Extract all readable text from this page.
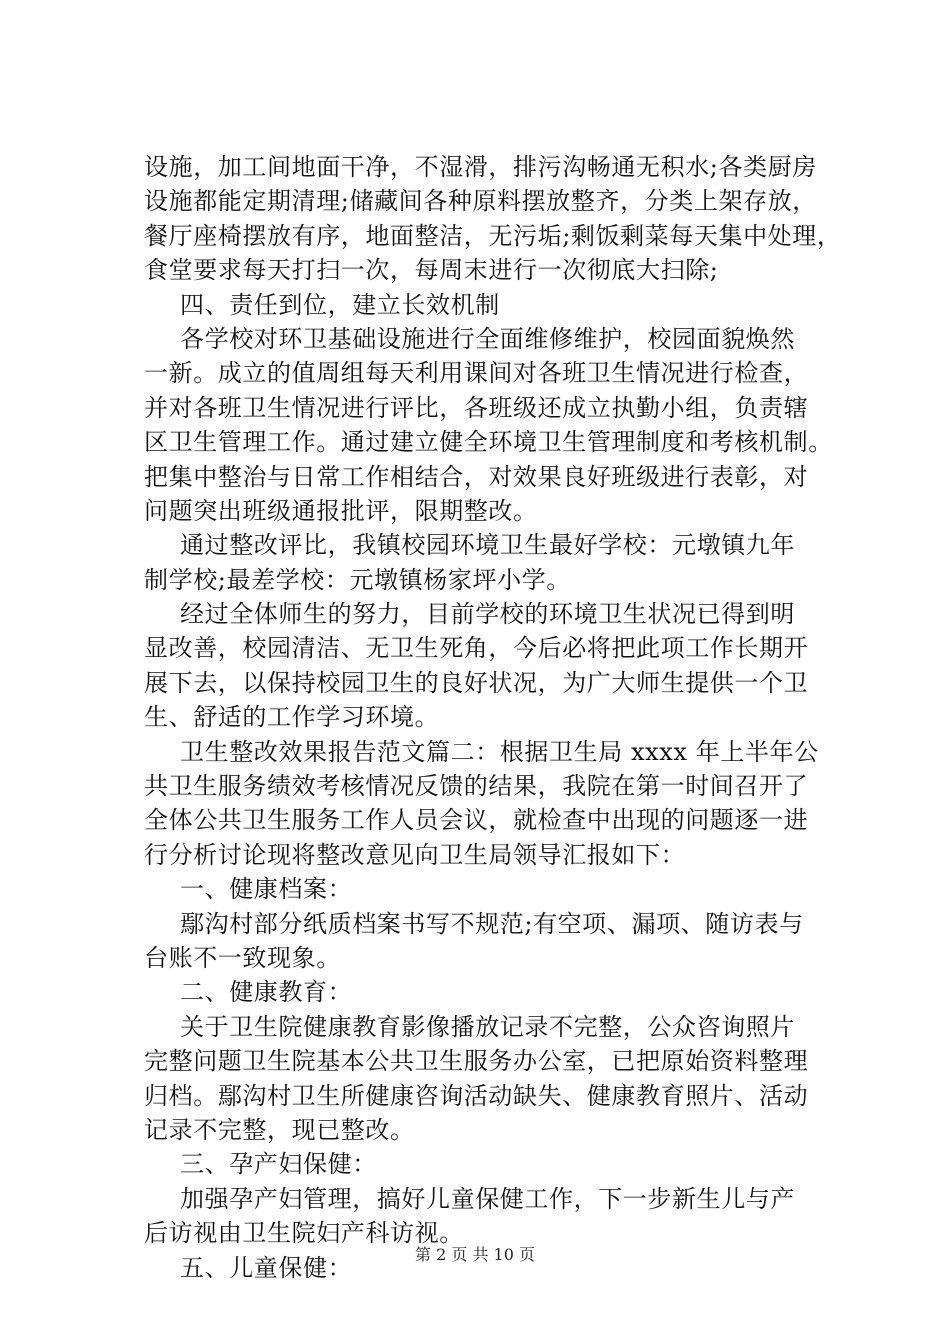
设施，加工间地面干净，不湿滑，排污沟畅通无积水;各类厨房
设施都能定期清理;储藏间各种原料摆放整齐，分类上架存放，
餐厅座椅摆放有序，地面整洁，无污垢;剩饭剩菜每天集中处理，
食堂要求每天打扫一次，每周末进行一次彻底大扫除;
四、责任到位，建立长效机制
各学校对环卫基础设施进行全面维修维护，校园面貌焕然
一新。成立的值周组每天利用课间对各班卫生情况进行检查，
并对各班卫生情况进行评比，各班级还成立执勤小组，负责辖
区卫生管理工作。通过建立健全环境卫生管理制度和考核机制。
把集中整治与日常工作相结合，对效果良好班级进行表彰，对
问题突出班级通报批评，限期整改。
通过整改评比，我镇校园环境卫生最好学校：元墩镇九年
制学校;最差学校：元墩镇杨家坪小学。
经过全体师生的努力，目前学校的环境卫生状况已得到明
显改善，校园清洁、无卫生死角，今后必将把此项工作长期开
展下去，以保持校园卫生的良好状况，为广大师生提供一个卫
生、舒适的工作学习环境。
卫生整改效果报告范文篇二：根据卫生局 xxxx 年上半年公
共卫生服务绩效考核情况反馈的结果，我院在第一时间召开了
全体公共卫生服务工作人员会议，就检查中出现的问题逐一进
行分析讨论现将整改意见向卫生局领导汇报如下：
一、健康档案：
鄢沟村部分纸质档案书写不规范;有空项、漏项、随访表与
台账不一致现象。
二、健康教育：
关于卫生院健康教育影像播放记录不完整，公众咨询照片
完整问题卫生院基本公共卫生服务办公室，已把原始资料整理
归档。鄢沟村卫生所健康咨询活动缺失、健康教育照片、活动
记录不完整，现已整改。
三、孕产妇保健：
加强孕产妇管理，搞好儿童保健工作，下一步新生儿与产
后访视由卫生院妇产科访视。
五、儿童保健：	第 2 页 共 10 页
